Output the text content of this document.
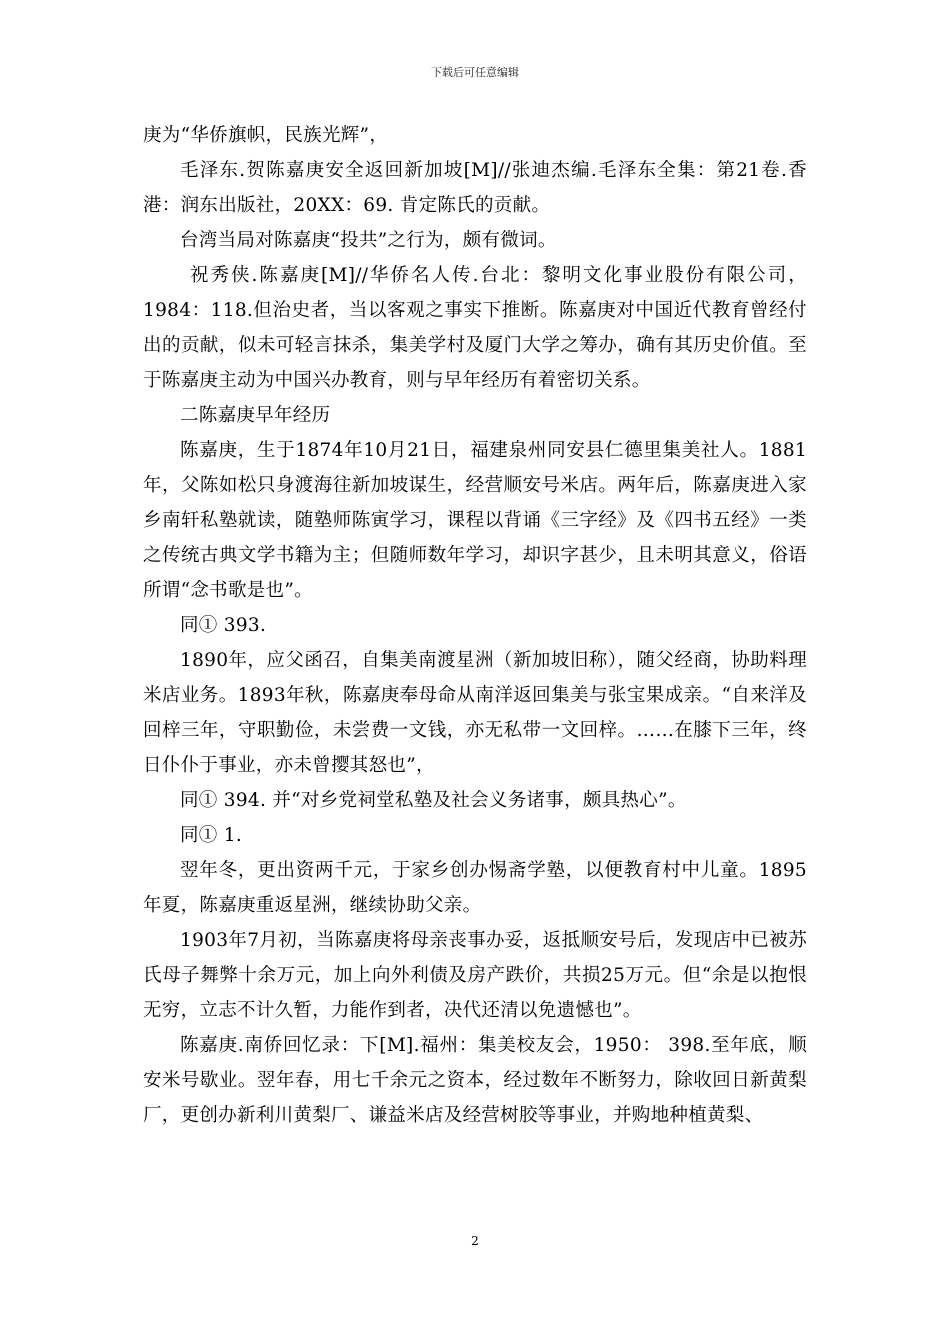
下载后可任意编辑

庚为“华侨旗帜，民族光辉”，

毛泽东.贺陈嘉庚安全返回新加坡[M]//张迪杰编.毛泽东全集：第21卷.香港：润东出版社，20XX：69. 肯定陈氏的贡献。

台湾当局对陈嘉庚“投共”之行为，颇有微词。

祝秀侠.陈嘉庚[M]//华侨名人传.台北：黎明文化事业股份有限公司，1984：118.但治史者，当以客观之事实下推断。陈嘉庚对中国近代教育曾经付出的贡献，似未可轻言抹杀，集美学村及厦门大学之筹办，确有其历史价值。至于陈嘉庚主动为中国兴办教育，则与早年经历有着密切关系。

二陈嘉庚早年经历

陈嘉庚，生于1874年10月21日，福建泉州同安县仁德里集美社人。1881年，父陈如松只身渡海往新加坡谋生，经营顺安号米店。两年后，陈嘉庚进入家乡南轩私塾就读，随塾师陈寅学习，课程以背诵《三字经》及《四书五经》一类之传统古典文学书籍为主；但随师数年学习，却识字甚少，且未明其意义，俗语所谓“念书歌是也”。

同① 393.

1890年，应父函召，自集美南渡星洲（新加坡旧称），随父经商，协助料理米店业务。1893年秋，陈嘉庚奉母命从南洋返回集美与张宝果成亲。“自来洋及回梓三年，守职勤俭，未尝费一文钱，亦无私带一文回梓。……在膝下三年，终日仆仆于事业，亦未曾撄其怒也”，

同① 394. 并“对乡党祠堂私塾及社会义务诸事，颇具热心”。

同① 1.

翌年冬，更出资两千元，于家乡创办惕斋学塾，以便教育村中儿童。1895年夏，陈嘉庚重返星洲，继续协助父亲。

1903年7月初，当陈嘉庚将母亲丧事办妥，返抵顺安号后，发现店中已被苏氏母子舞弊十余万元，加上向外利债及房产跌价，共损25万元。但“余是以抱恨无穷，立志不计久暂，力能作到者，决代还清以免遗憾也”。

陈嘉庚.南侨回忆录：下[M].福州：集美校友会，1950： 398.至年底，顺安米号歇业。翌年春，用七千余元之资本，经过数年不断努力，除收回日新黄梨厂，更创办新利川黄梨厂、谦益米店及经营树胶等事业，并购地种植黄梨、

2
